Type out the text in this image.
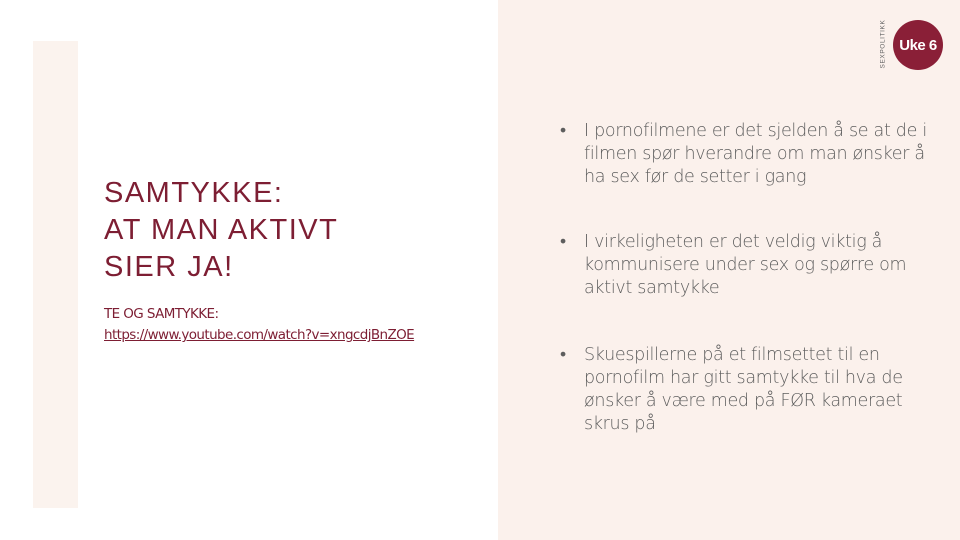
SAMTYKKE:
AT MAN AKTIVT
SIER JA!
TE OG SAMTYKKE:
https://www.youtube.com/watch?v=xngcdjBnZOE
• I pornofilmene er det sjelden å se at de i filmen spør hverandre om man ønsker å ha sex før de setter i gang
• I virkeligheten er det veldig viktig å kommunisere under sex og spørre om aktivt samtykke
• Skuespillerne på et filmsettet til en pornofilm har gitt samtykke til hva de ønsker å være med på FØR kameraet skrus på
SEXPOLITIKK Uke 6
